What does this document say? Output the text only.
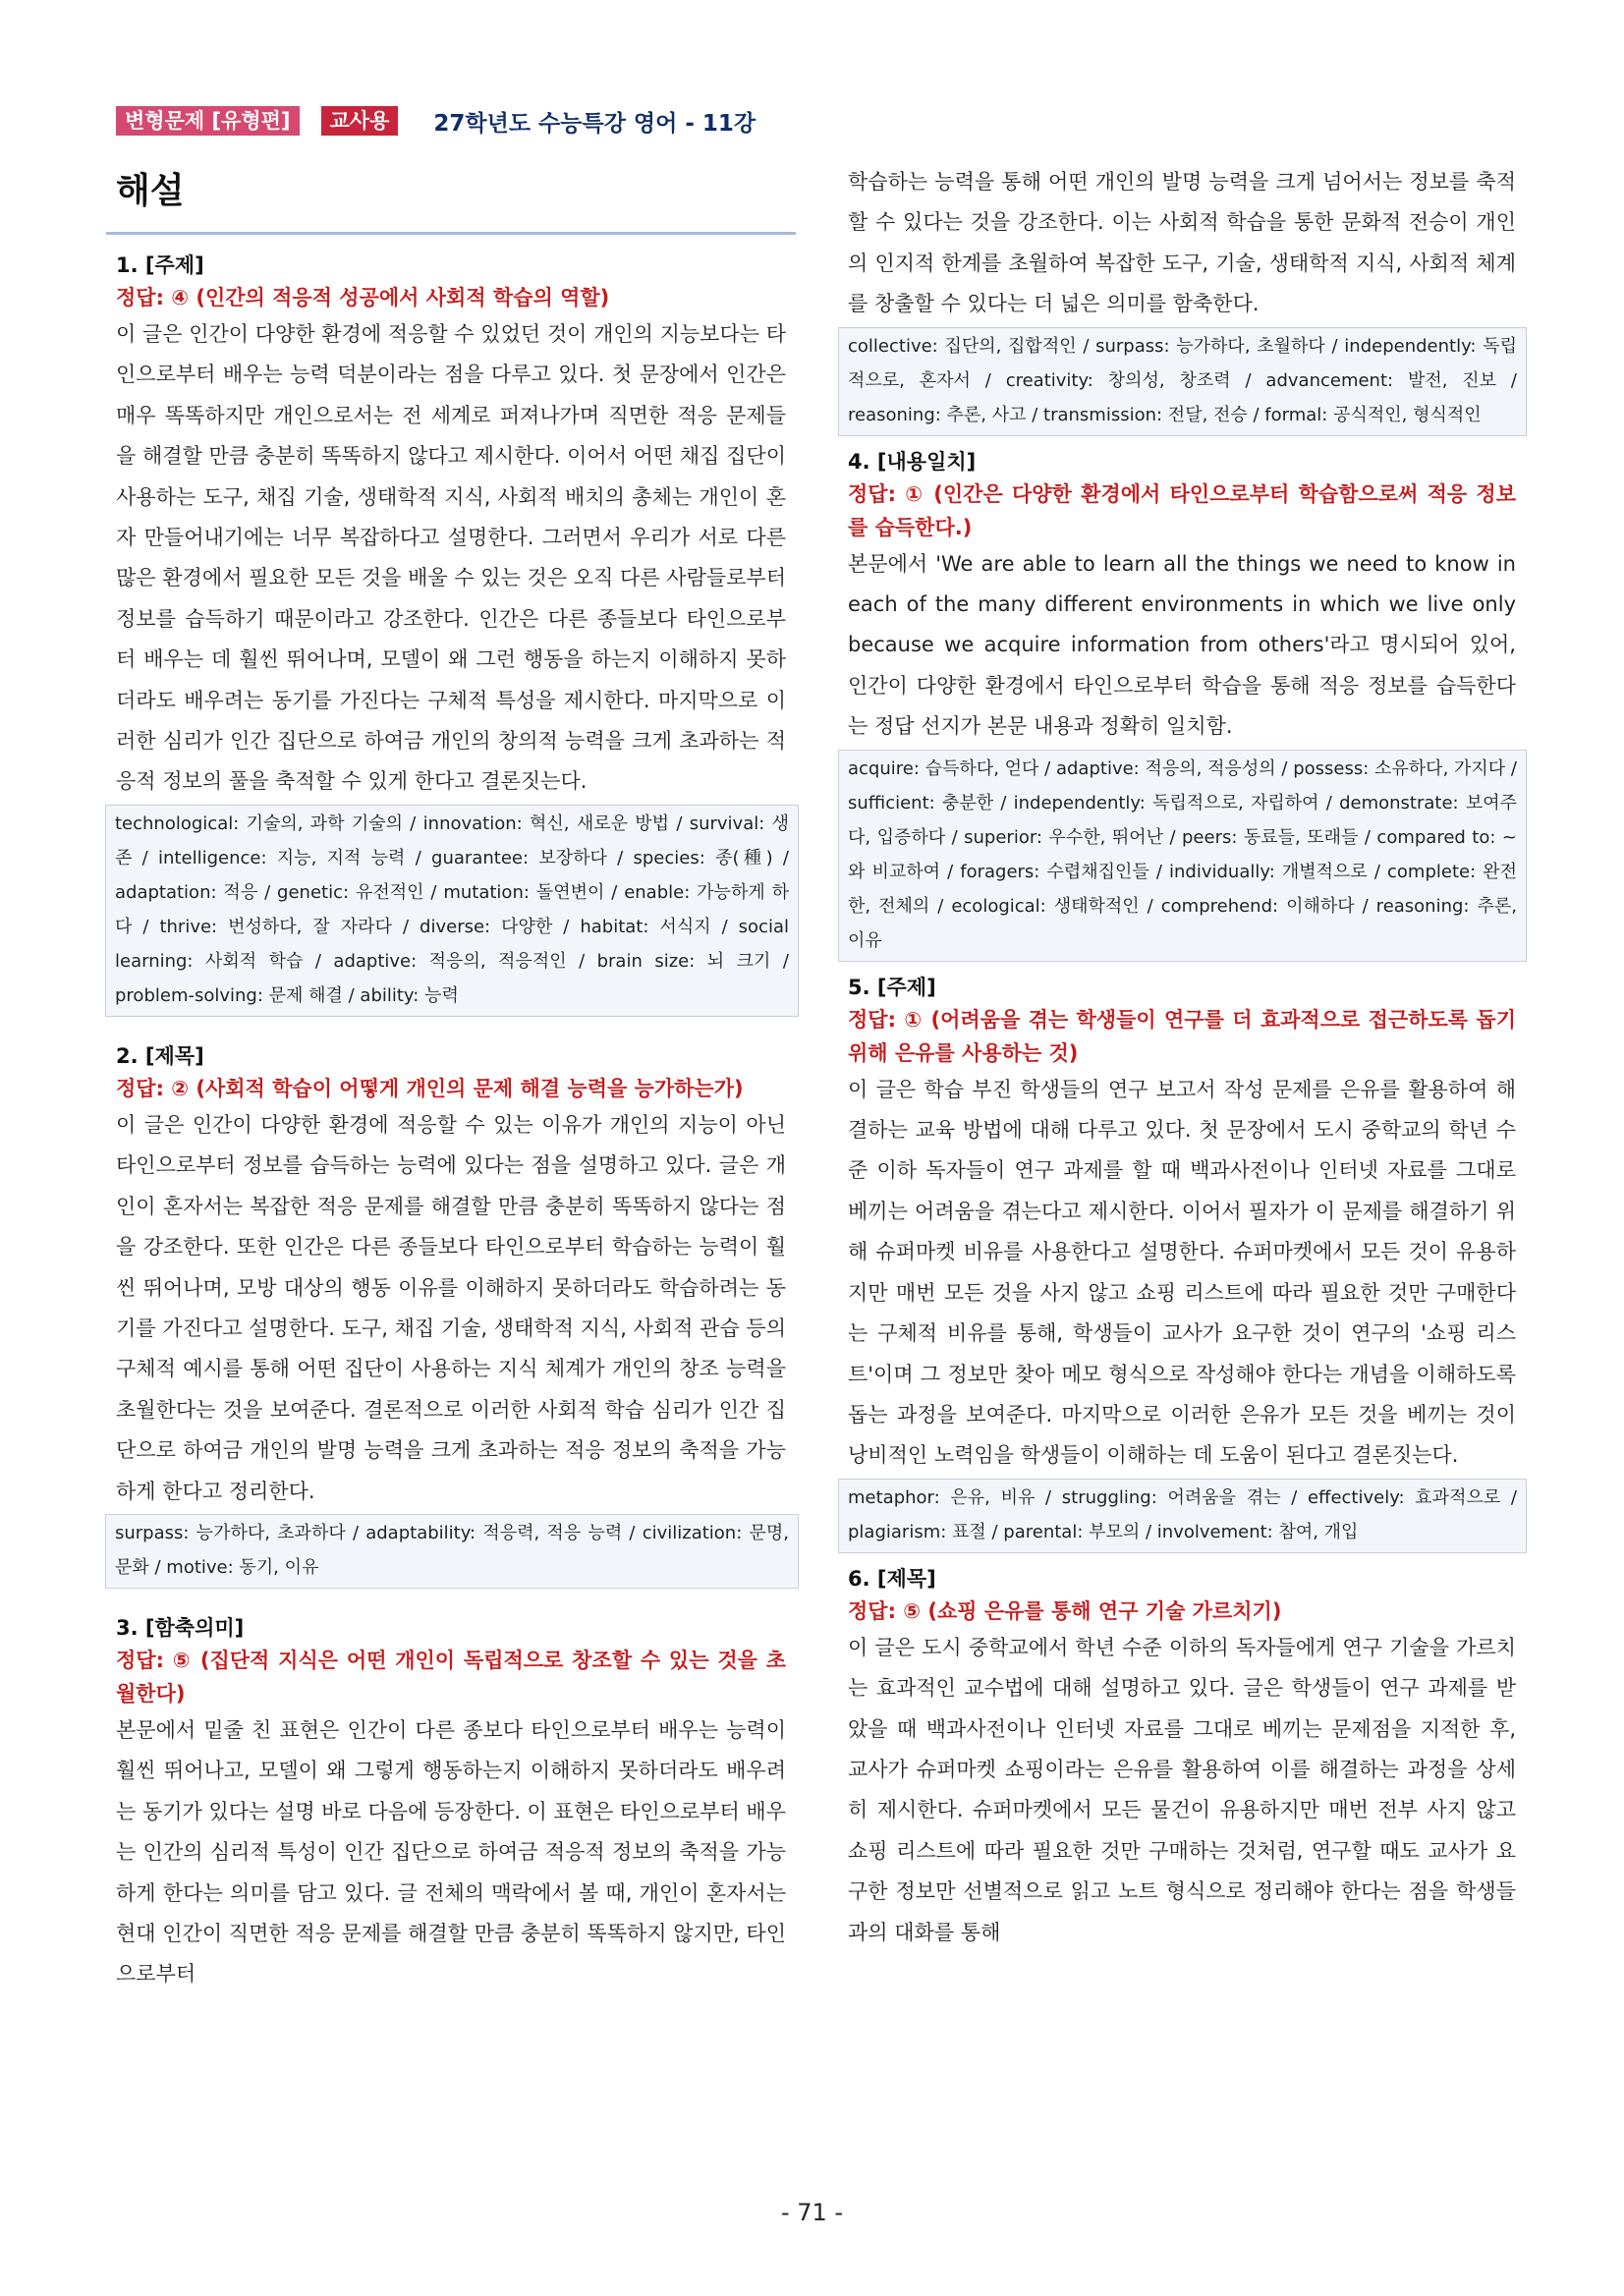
변형문제 [유형편]	교사용	27학년도 수능특강 영어 - 11강
해설
1. [주제]
정답: ④ (인간의 적응적 성공에서 사회적 학습의 역할)

이 글은 인간이 다양한 환경에 적응할 수 있었던 것이 개인의 지능보다는 타인으로부터 배우는 능력 덕분이라는 점을 다루고 있다. 첫 문장에서 인간은 매우 똑똑하지만 개인으로서는 전 세계로 퍼져나가며 직면한 적응 문제들을 해결할 만큼 충분히 똑똑하지 않다고 제시한다. 이어서 어떤 채집 집단이 사용하는 도구, 채집 기술, 생태학적 지식, 사회적 배치의 총체는 개인이 혼자 만들어내기에는 너무 복잡하다고 설명한다. 그러면서 우리가 서로 다른 많은 환경에서 필요한 모든 것을 배울 수 있는 것은 오직 다른 사람들로부터 정보를 습득하기 때문이라고 강조한다. 인간은 다른 종들보다 타인으로부터 배우는 데 훨씬 뛰어나며, 모델이 왜 그런 행동을 하는지 이해하지 못하더라도 배우려는 동기를 가진다는 구체적 특성을 제시한다. 마지막으로 이러한 심리가 인간 집단으로 하여금 개인의 창의적 능력을 크게 초과하는 적응적 정보의 풀을 축적할 수 있게 한다고 결론짓는다.

technological: 기술의, 과학 기술의 / innovation: 혁신, 새로운 방법 / survival: 생존 / intelligence: 지능, 지적 능력 / guarantee: 보장하다 / species: 종(種) / adaptation: 적응 / genetic: 유전적인 / mutation: 돌연변이 / enable: 가능하게 하다 / thrive: 번성하다, 잘 자라다 / diverse: 다양한 / habitat: 서식지 / social learning: 사회적 학습 / adaptive: 적응의, 적응적인 / brain size: 뇌 크기 / problem-solving: 문제 해결 / ability: 능력
2. [제목]
정답: ② (사회적 학습이 어떻게 개인의 문제 해결 능력을 능가하는가)

이 글은 인간이 다양한 환경에 적응할 수 있는 이유가 개인의 지능이 아닌 타인으로부터 정보를 습득하는 능력에 있다는 점을 설명하고 있다. 글은 개인이 혼자서는 복잡한 적응 문제를 해결할 만큼 충분히 똑똑하지 않다는 점을 강조한다. 또한 인간은 다른 종들보다 타인으로부터 학습하는 능력이 훨씬 뛰어나며, 모방 대상의 행동 이유를 이해하지 못하더라도 학습하려는 동기를 가진다고 설명한다. 도구, 채집 기술, 생태학적 지식, 사회적 관습 등의 구체적 예시를 통해 어떤 집단이 사용하는 지식 체계가 개인의 창조 능력을 초월한다는 것을 보여준다. 결론적으로 이러한 사회적 학습 심리가 인간 집단으로 하여금 개인의 발명 능력을 크게 초과하는 적응 정보의 축적을 가능하게 한다고 정리한다.

surpass: 능가하다, 초과하다 / adaptability: 적응력, 적응 능력 / civilization: 문명, 문화 / motive: 동기, 이유
3. [함축의미]
정답: ⑤ (집단적 지식은 어떤 개인이 독립적으로 창조할 수 있는 것을 초월한다)

본문에서 밑줄 친 표현은 인간이 다른 종보다 타인으로부터 배우는 능력이 훨씬 뛰어나고, 모델이 왜 그렇게 행동하는지 이해하지 못하더라도 배우려는 동기가 있다는 설명 바로 다음에 등장한다. 이 표현은 타인으로부터 배우는 인간의 심리적 특성이 인간 집단으로 하여금 적응적 정보의 축적을 가능하게 한다는 의미를 담고 있다. 글 전체의 맥락에서 볼 때, 개인이 혼자서는 현대 인간이 직면한 적응 문제를 해결할 만큼 충분히 똑똑하지 않지만, 타인으로부터

학습하는 능력을 통해 어떤 개인의 발명 능력을 크게 넘어서는 정보를 축적할 수 있다는 것을 강조한다. 이는 사회적 학습을 통한 문화적 전승이 개인의 인지적 한계를 초월하여 복잡한 도구, 기술, 생태학적 지식, 사회적 체계를 창출할 수 있다는 더 넓은 의미를 함축한다.

collective: 집단의, 집합적인 / surpass: 능가하다, 초월하다 / independently: 독립적으로, 혼자서 / creativity: 창의성, 창조력 / advancement: 발전, 진보 / reasoning: 추론, 사고 / transmission: 전달, 전승 / formal: 공식적인, 형식적인
4. [내용일치]
정답: ① (인간은 다양한 환경에서 타인으로부터 학습함으로써 적응 정보를 습득한다.)

본문에서 'We are able to learn all the things we need to know in each of the many different environments in which we live only because we acquire information from others'라고 명시되어 있어, 인간이 다양한 환경에서 타인으로부터 학습을 통해 적응 정보를 습득한다는 정답 선지가 본문 내용과 정확히 일치함.

acquire: 습득하다, 얻다 / adaptive: 적응의, 적응성의 / possess: 소유하다, 가지다 / sufficient: 충분한 / independently: 독립적으로, 자립하여 / demonstrate: 보여주다, 입증하다 / superior: 우수한, 뛰어난 / peers: 동료들, 또래들 / compared to: ~와 비교하여 / foragers: 수렵채집인들 / individually: 개별적으로 / complete: 완전한, 전체의 / ecological: 생태학적인 / comprehend: 이해하다 / reasoning: 추론, 이유
5. [주제]
정답: ① (어려움을 겪는 학생들이 연구를 더 효과적으로 접근하도록 돕기 위해 은유를 사용하는 것)

이 글은 학습 부진 학생들의 연구 보고서 작성 문제를 은유를 활용하여 해결하는 교육 방법에 대해 다루고 있다. 첫 문장에서 도시 중학교의 학년 수준 이하 독자들이 연구 과제를 할 때 백과사전이나 인터넷 자료를 그대로 베끼는 어려움을 겪는다고 제시한다. 이어서 필자가 이 문제를 해결하기 위해 슈퍼마켓 비유를 사용한다고 설명한다. 슈퍼마켓에서 모든 것이 유용하지만 매번 모든 것을 사지 않고 쇼핑 리스트에 따라 필요한 것만 구매한다는 구체적 비유를 통해, 학생들이 교사가 요구한 것이 연구의 '쇼핑 리스트'이며 그 정보만 찾아 메모 형식으로 작성해야 한다는 개념을 이해하도록 돕는 과정을 보여준다. 마지막으로 이러한 은유가 모든 것을 베끼는 것이 낭비적인 노력임을 학생들이 이해하는 데 도움이 된다고 결론짓는다.

metaphor: 은유, 비유 / struggling: 어려움을 겪는 / effectively: 효과적으로 / plagiarism: 표절 / parental: 부모의 / involvement: 참여, 개입
6. [제목]
정답: ⑤ (쇼핑 은유를 통해 연구 기술 가르치기)

이 글은 도시 중학교에서 학년 수준 이하의 독자들에게 연구 기술을 가르치는 효과적인 교수법에 대해 설명하고 있다. 글은 학생들이 연구 과제를 받았을 때 백과사전이나 인터넷 자료를 그대로 베끼는 문제점을 지적한 후, 교사가 슈퍼마켓 쇼핑이라는 은유를 활용하여 이를 해결하는 과정을 상세히 제시한다. 슈퍼마켓에서 모든 물건이 유용하지만 매번 전부 사지 않고 쇼핑 리스트에 따라 필요한 것만 구매하는 것처럼, 연구할 때도 교사가 요구한 정보만 선별적으로 읽고 노트 형식으로 정리해야 한다는 점을 학생들과의 대화를 통해

- 71 -
